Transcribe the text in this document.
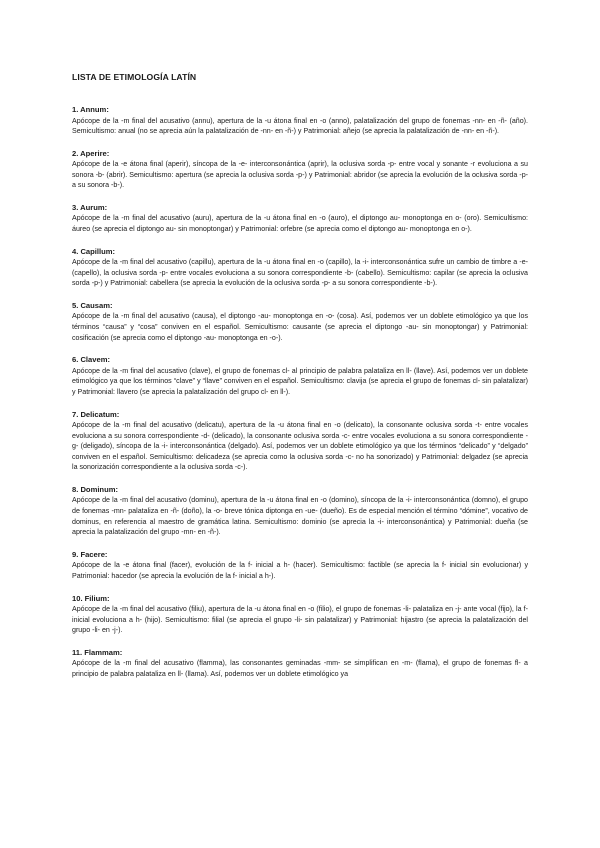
LISTA DE ETIMOLOGÍA LATÍN

1. Annum:

Apócope de la -m final del acusativo (annu), apertura de la -u átona final en -o (anno), palatalización del grupo de fonemas -nn- en -ñ- (año). Semicultismo: anual (no se aprecia aún la palatalización de -nn- en -ñ-) y Patrimonial: añejo (se aprecia la palatalización de -nn- en -ñ-).

2. Aperire:

Apócope de la -e átona final (aperir), síncopa de la -e- interconsonántica (aprir), la oclusiva sorda -p- entre vocal y sonante -r evoluciona a su sonora -b- (abrir). Semicultismo: apertura (se aprecia la oclusiva sorda -p-) y Patrimonial: abridor (se aprecia la evolución de la oclusiva sorda -p- a su sonora -b-).

3. Aurum:

Apócope de la -m final del acusativo (auru), apertura de la -u átona final en -o (auro), el diptongo au- monoptonga en o- (oro). Semicultismo: áureo (se aprecia el diptongo au- sin monoptongar) y Patrimonial: orfebre (se aprecia como el diptongo au- monoptonga en o-).

4. Capillum:

Apócope de la -m final del acusativo (capillu), apertura de la -u átona final en -o (capillo), la -i- interconsonántica sufre un cambio de timbre a -e- (capello), la oclusiva sorda -p- entre vocales evoluciona a su sonora correspondiente -b- (cabello). Semicultismo: capilar (se aprecia la oclusiva sorda -p-) y Patrimonial: cabellera (se aprecia la evolución de la oclusiva sorda -p- a su sonora correspondiente -b-).

5. Causam:

Apócope de la -m final del acusativo (causa), el diptongo -au- monoptonga en -o- (cosa). Así, podemos ver un doblete etimológico ya que los términos “causa” y “cosa” conviven en el español. Semicultismo: causante (se aprecia el diptongo -au- sin monoptongar) y Patrimonial: cosificación (se aprecia como el diptongo -au- monoptonga en -o-).

6. Clavem:

Apócope de la -m final del acusativo (clave), el grupo de fonemas cl- al principio de palabra palataliza en ll- (llave). Así, podemos ver un doblete etimológico ya que los términos “clave” y “llave” conviven en el español. Semicultismo: clavija (se aprecia el grupo de fonemas cl- sin palatalizar) y Patrimonial: llavero (se aprecia la palatalización del grupo cl- en ll-).

7. Delicatum:

Apócope de la -m final del acusativo (delicatu), apertura de la -u átona final en -o (delicato), la consonante oclusiva sorda -t- entre vocales evoluciona a su sonora correspondiente -d- (delicado), la consonante oclusiva sorda -c- entre vocales evoluciona a su sonora correspondiente -g- (deligado), síncopa de la -i- interconsonántica (delgado). Así, podemos ver un doblete etimológico ya que los términos “delicado” y “delgado” conviven en el español. Semicultismo: delicadeza (se aprecia como la oclusiva sorda -c- no ha sonorizado) y Patrimonial: delgadez (se aprecia la sonorización correspondiente a la oclusiva sorda -c-).

8. Dominum:

Apócope de la -m final del acusativo (dominu), apertura de la -u átona final en -o (domino), síncopa de la -i- interconsonántica (domno), el grupo de fonemas -mn- palataliza en -ñ- (doño), la -o- breve tónica diptonga en -ue- (dueño). Es de especial mención el término “dómine”, vocativo de dominus, en referencia al maestro de gramática latina. Semicultismo: dominio (se aprecia la -i- interconsonántica) y Patrimonial: dueña (se aprecia la palatalización del grupo -mn- en -ñ-).

9. Facere:

Apócope de la -e átona final (facer), evolución de la f- inicial a h- (hacer). Semicultismo: factible (se aprecia la f- inicial sin evolucionar) y Patrimonial: hacedor (se aprecia la evolución de la f- inicial a h-).

10. Filium:

Apócope de la -m final del acusativo (filiu), apertura de la -u átona final en -o (filio), el grupo de fonemas -li- palataliza en -j- ante vocal (fijo), la f- inicial evoluciona a h- (hijo). Semicultismo: filial (se aprecia el grupo -li- sin palatalizar) y Patrimonial: hijastro (se aprecia la palatalización del grupo -li- en -j-).

11. Flammam:

Apócope de la -m final del acusativo (flamma), las consonantes geminadas -mm- se simplifican en -m- (flama), el grupo de fonemas fl- a principio de palabra palataliza en ll- (llama). Así, podemos ver un doblete etimológico ya
